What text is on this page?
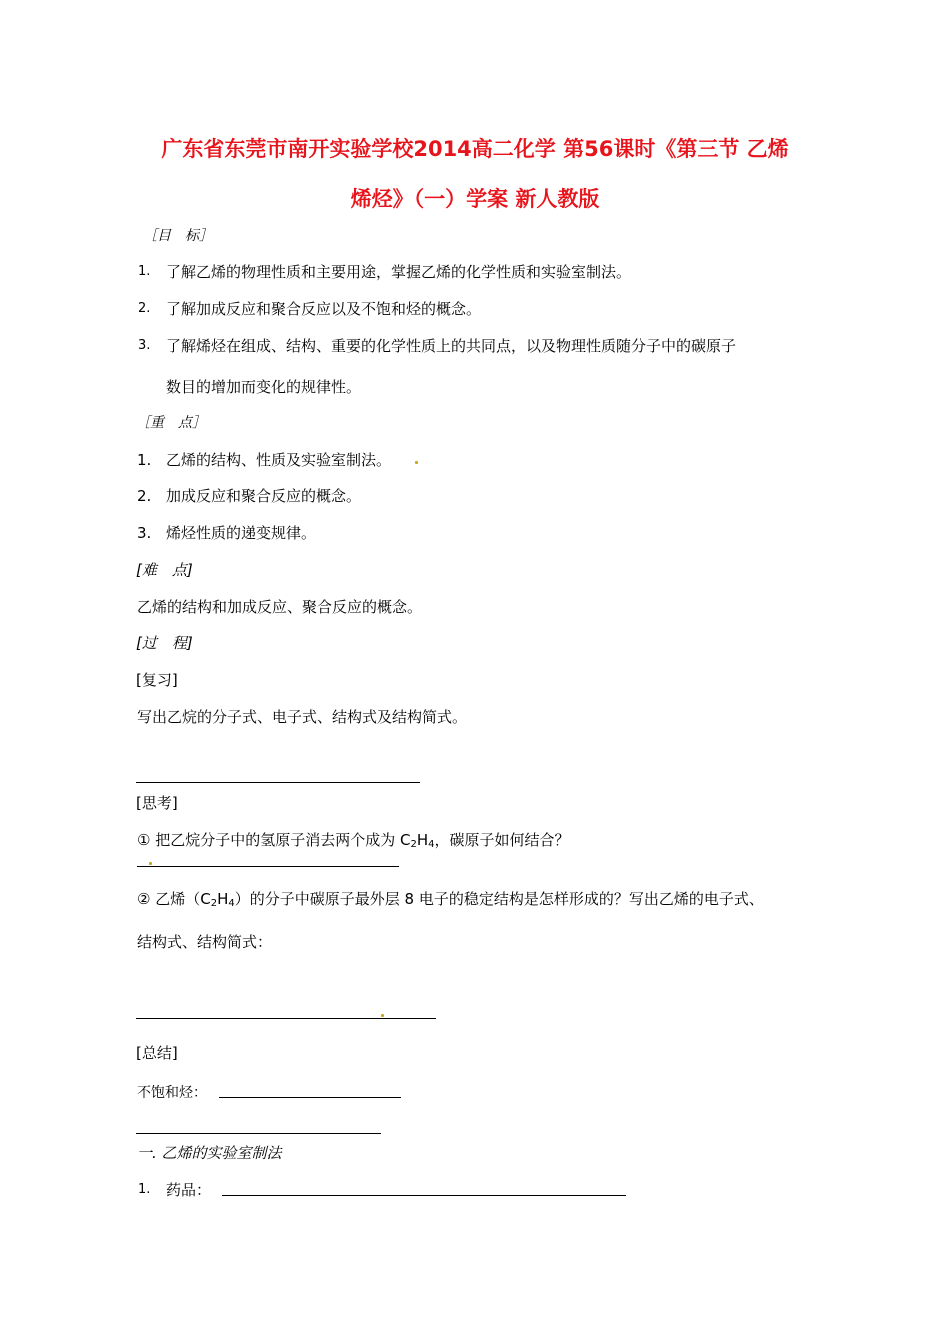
广东省东莞市南开实验学校2014高二化学 第56课时《第三节 乙烯
烯烃》（一）学案 新人教版
［目　标］
1. 了解乙烯的物理性质和主要用途，掌握乙烯的化学性质和实验室制法。
2. 了解加成反应和聚合反应以及不饱和烃的概念。
3. 了解烯烃在组成、结构、重要的化学性质上的共同点，以及物理性质随分子中的碳原子
数目的增加而变化的规律性。
［重　点］
1. 乙烯的结构、性质及实验室制法。
2. 加成反应和聚合反应的概念。
3. 烯烃性质的递变规律。
[难　点]
乙烯的结构和加成反应、聚合反应的概念。
[过　程]
[复习]
写出乙烷的分子式、电子式、结构式及结构简式。
[思考]
① 把乙烷分子中的氢原子消去两个成为 $C_2H_4$，碳原子如何结合？
② 乙烯$(C_2H_4)$的分子中碳原子最外层 8 电子的稳定结构是怎样形成的？写出乙烯的电子式、
结构式、结构简式：
[总结]
不饱和烃：
一. 乙烯的实验室制法
1. 药品：
